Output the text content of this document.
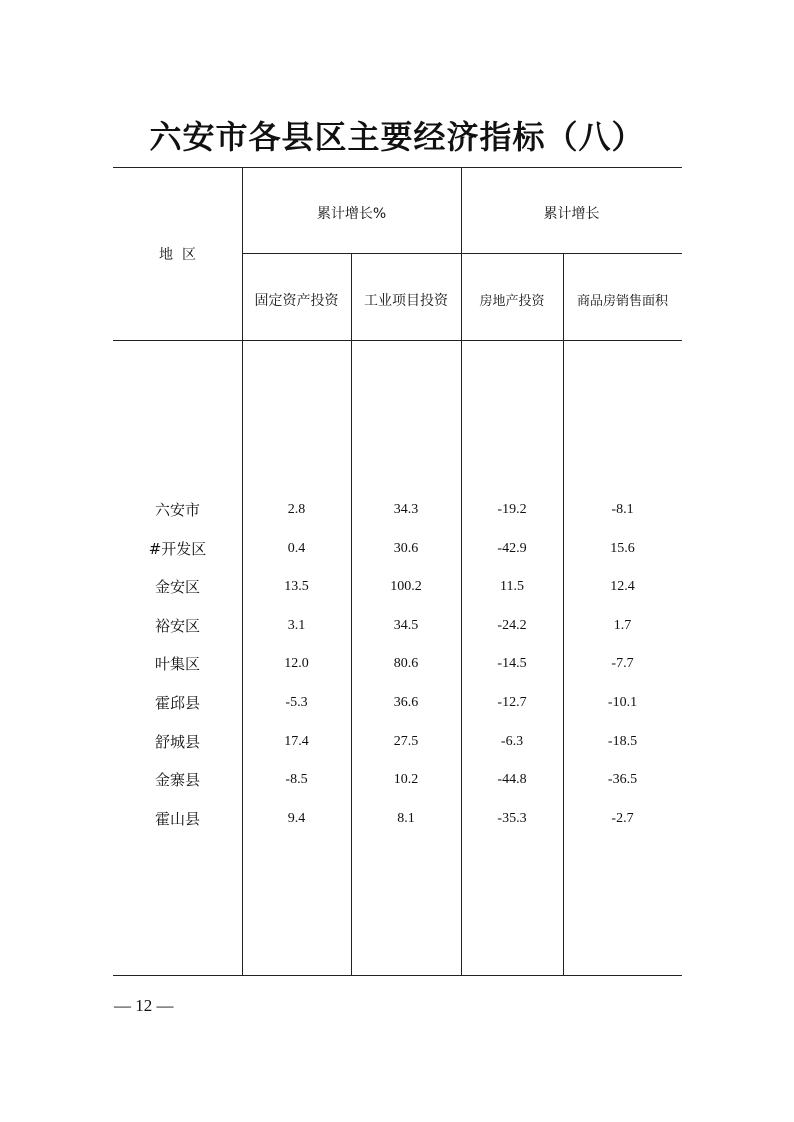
六安市各县区主要经济指标（八）
地  区
累计增长%	累计增长
固定资产投资	工业项目投资	房地产投资	商品房销售面积
六安市	2.8	34.3	-19.2	-8.1
#开发区	0.4	30.6	-42.9	15.6
金安区	13.5	100.2	11.5	12.4
裕安区	3.1	34.5	-24.2	1.7
叶集区	12.0	80.6	-14.5	-7.7
霍邱县	-5.3	36.6	-12.7	-10.1
舒城县	17.4	27.5	-6.3	-18.5
金寨县	-8.5	10.2	-44.8	-36.5
霍山县	9.4	8.1	-35.3	-2.7
— 12 —
